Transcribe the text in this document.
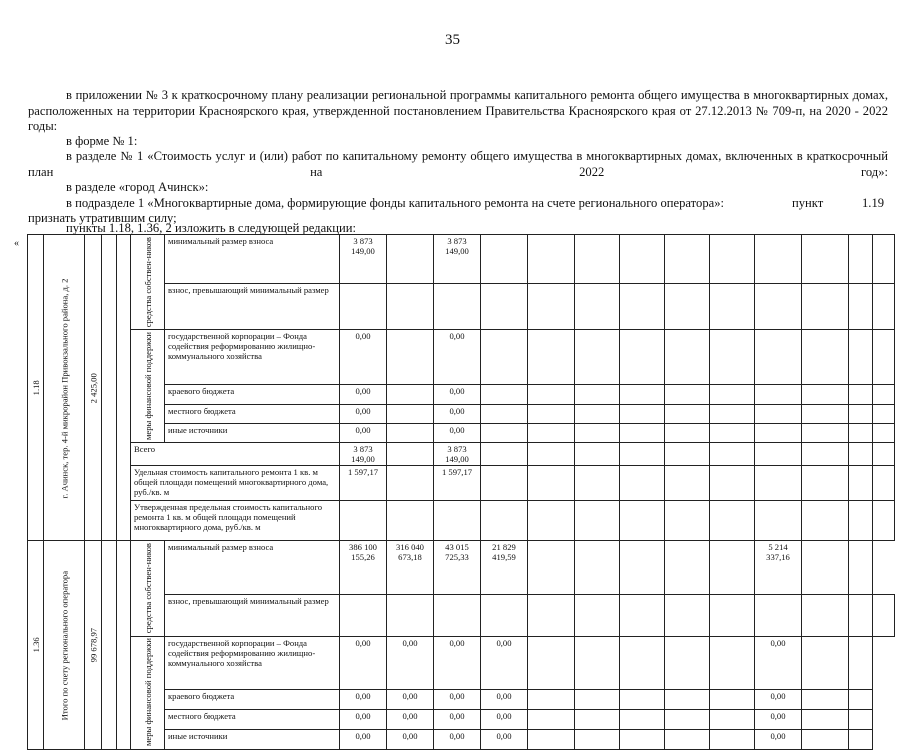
35
в приложении № 3 к краткосрочному плану реализации региональной программы капитального ремонта общего имущества в многоквартирных домах, расположенных на территории Красноярского края, утвержденной постановлением Правительства Красноярского края от 27.12.2013 № 709-п, на 2020 - 2022 годы:
в форме № 1:
в разделе № 1 «Стоимость услуг и (или) работ по капитальному ремонту общего имущества в многоквартирных домах, включенных в краткосрочный план на 2022 год»:
в разделе «город Ачинск»:
в подразделе 1 «Многоквартирные дома, формирующие фонды капитального ремонта на счете регионального оператора»:	пункт	1.19
признать утратившим силу;
пункты 1.18, 1.36, 2 изложить в следующей редакции:
«
1.18	г. Ачинск, тер. 4-й микрорайон Привокзального района, д. 2	2 425,00			средства собствен-ников	минимальный размер взноса	3 873 149,00		3 873 149,00										
						взнос, превышающий минимальный размер													
					меры финансовой поддержки	государственной корпорации – Фонда содействия реформированию жилищно-коммунального хозяйства	0,00		0,00										
						краевого бюджета	0,00		0,00										
						местного бюджета	0,00		0,00										
						иные источники	0,00		0,00										
					Всего		3 873 149,00		3 873 149,00										
					Удельная стоимость капитального ремонта 1 кв. м общей площади помещений многоквартирного дома, руб./кв. м		1 597,17		1 597,17										
					Утвержденная предельная стоимость капитального ремонта 1 кв. м общей площади помещений многоквартирного дома, руб./кв. м														
1.36	Итого по счету регионального оператора	99 678,97			средства собствен-ников	минимальный размер взноса	386 100 155,26	316 040 673,18	43 015 725,33	21 829 419,59						5 214 337,16			
						взнос, превышающий минимальный размер													
					меры финансовой поддержки	государственной корпорации – Фонда содействия реформированию жилищно-коммунального хозяйства	0,00	0,00	0,00	0,00						0,00			
						краевого бюджета	0,00	0,00	0,00	0,00						0,00			
						местного бюджета	0,00	0,00	0,00	0,00						0,00			
						иные источники	0,00	0,00	0,00	0,00						0,00			
